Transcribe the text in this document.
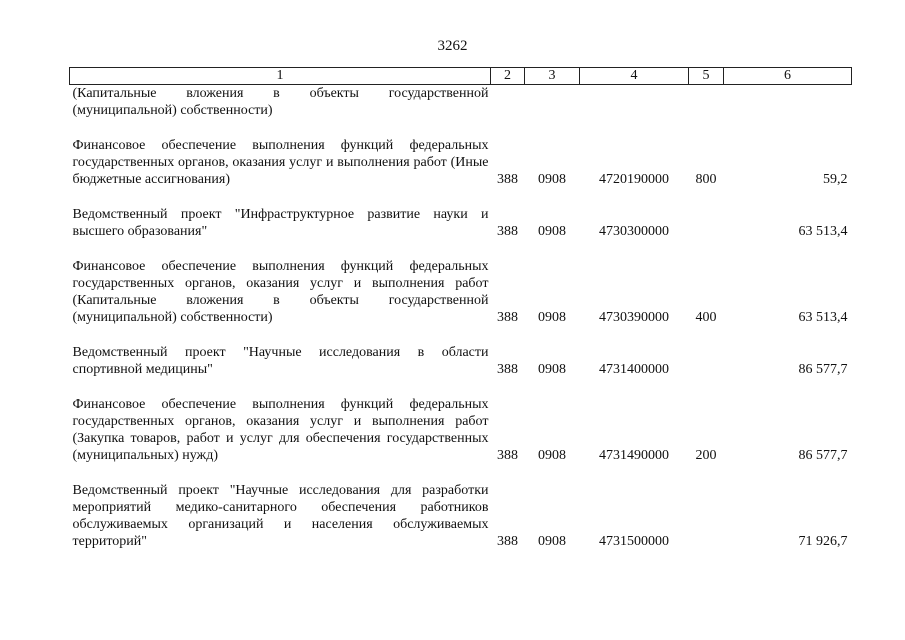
3262
1	2	3	4	5	6
(Капитальные вложения в объекты государственной (муниципальной) собственности)					

Финансовое обеспечение выполнения функций федеральных государственных органов, оказания услуг и выполнения работ (Иные бюджетные ассигнования)	388	0908	4720190000	800	59,2

Ведомственный проект "Инфраструктурное развитие науки и высшего образования"	388	0908	4730300000		63 513,4

Финансовое обеспечение выполнения функций федеральных государственных органов, оказания услуг и выполнения работ (Капитальные вложения в объекты государственной (муниципальной) собственности)	388	0908	4730390000	400	63 513,4

Ведомственный проект "Научные исследования в области спортивной медицины"	388	0908	4731400000		86 577,7

Финансовое обеспечение выполнения функций федеральных государственных органов, оказания услуг и выполнения работ (Закупка товаров, работ и услуг для обеспечения государственных (муниципальных) нужд)	388	0908	4731490000	200	86 577,7

Ведомственный проект "Научные исследования для разработки мероприятий медико-санитарного обеспечения работников обслуживаемых организаций и населения обслуживаемых территорий"	388	0908	4731500000		71 926,7
